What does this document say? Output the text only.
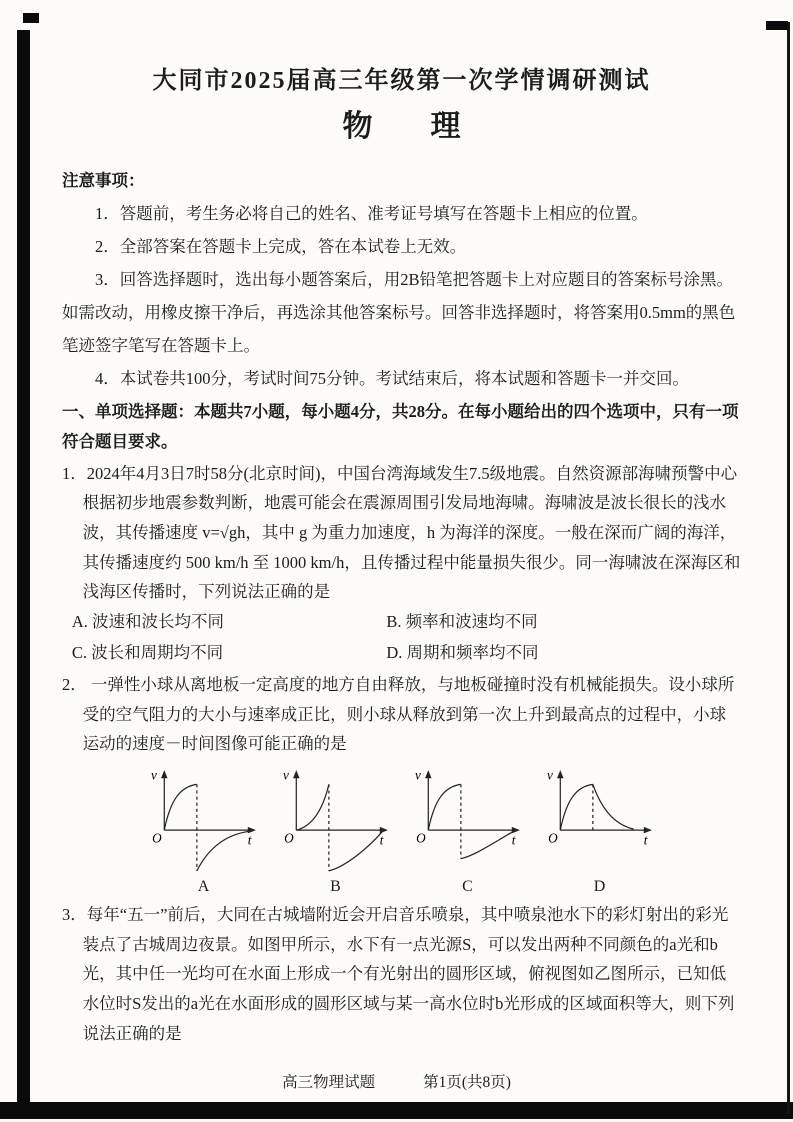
大同市2025届高三年级第一次学情调研测试
物　理

注意事项：

1．答题前，考生务必将自己的姓名、准考证号填写在答题卡上相应的位置。

2．全部答案在答题卡上完成，答在本试卷上无效。

3．回答选择题时，选出每小题答案后，用2B铅笔把答题卡上对应题目的答案标号涂黑。如需改动，用橡皮擦干净后，再选涂其他答案标号。回答非选择题时，将答案用0.5mm的黑色笔迹签字笔写在答题卡上。

4．本试卷共100分，考试时间75分钟。考试结束后，将本试题和答题卡一并交回。

一、单项选择题：本题共7小题，每小题4分，共28分。在每小题给出的四个选项中，只有一项符合题目要求。

1．2024年4月3日7时58分(北京时间)，中国台湾海域发生7.5级地震。自然资源部海啸预警中心根据初步地震参数判断，地震可能会在震源周围引发局地海啸。海啸波是波长很长的浅水波，其传播速度 v=√gh，其中 g 为重力加速度，h 为海洋的深度。一般在深而广阔的海洋，其传播速度约 500 km/h 至 1000 km/h，且传播过程中能量损失很少。同一海啸波在深海区和浅海区传播时，下列说法正确的是

A. 波速和波长均不同	B. 频率和波速均不同
C. 波长和周期均不同	D. 周期和频率均不同

2． 一弹性小球从离地板一定高度的地方自由释放，与地板碰撞时没有机械能损失。设小球所受的空气阻力的大小与速率成正比，则小球从释放到第一次上升到最高点的过程中，小球运动的速度－时间图像可能正确的是

v
t
O
A
v
t
O
B
v
t
O
C
v
t
O
D

3．每年“五一”前后，大同在古城墙附近会开启音乐喷泉，其中喷泉池水下的彩灯射出的彩光装点了古城周边夜景。如图甲所示，水下有一点光源S，可以发出两种不同颜色的a光和b光，其中任一光均可在水面上形成一个有光射出的圆形区域，俯视图如乙图所示，已知低水位时S发出的a光在水面形成的圆形区域与某一高水位时b光形成的区域面积等大，则下列说法正确的是

高三物理试题	第1页(共8页)
